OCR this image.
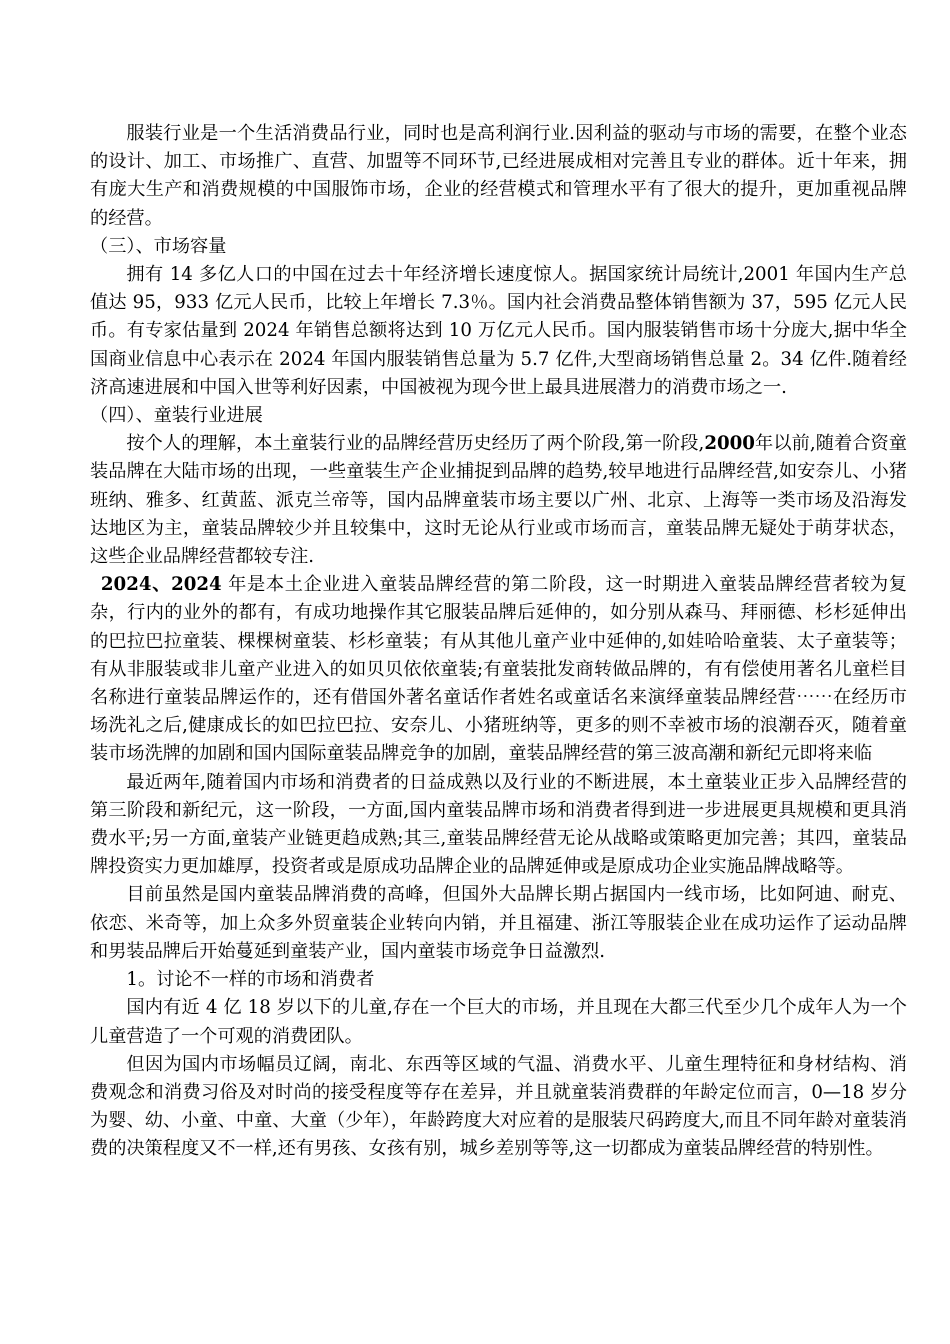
服装行业是一个生活消费品行业，同时也是高利润行业.因利益的驱动与市场的需要，在整个业态的设计、加工、市场推广、直营、加盟等不同环节,已经进展成相对完善且专业的群体。近十年来，拥有庞大生产和消费规模的中国服饰市场，企业的经营模式和管理水平有了很大的提升，更加重视品牌的经营。

（三）、市场容量

拥有 14 多亿人口的中国在过去十年经济增长速度惊人。据国家统计局统计,2001 年国内生产总值达 95，933 亿元人民币，比较上年增长 7.3％。国内社会消费品整体销售额为 37，595 亿元人民币。有专家估量到 2024 年销售总额将达到 10 万亿元人民币。国内服装销售市场十分庞大,据中华全国商业信息中心表示在 2024 年国内服装销售总量为 5.7 亿件,大型商场销售总量 2。34 亿件.随着经济高速进展和中国入世等利好因素，中国被视为现今世上最具进展潜力的消费市场之一.

（四）、童装行业进展

按个人的理解，本土童装行业的品牌经营历史经历了两个阶段,第一阶段,2000年以前,随着合资童装品牌在大陆市场的出现，一些童装生产企业捕捉到品牌的趋势,较早地进行品牌经营,如安奈儿、小猪班纳、雅多、红黄蓝、派克兰帝等，国内品牌童装市场主要以广州、北京、上海等一类市场及沿海发达地区为主，童装品牌较少并且较集中，这时无论从行业或市场而言，童装品牌无疑处于萌芽状态，这些企业品牌经营都较专注.

2024、2024 年是本土企业进入童装品牌经营的第二阶段，这一时期进入童装品牌经营者较为复杂，行内的业外的都有，有成功地操作其它服装品牌后延伸的，如分别从森马、拜丽德、杉杉延伸出的巴拉巴拉童装、棵棵树童装、杉杉童装；有从其他儿童产业中延伸的,如娃哈哈童装、太子童装等；有从非服装或非儿童产业进入的如贝贝依依童装;有童装批发商转做品牌的，有有偿使用著名儿童栏目名称进行童装品牌运作的，还有借国外著名童话作者姓名或童话名来演绎童装品牌经营⋯⋯在经历市场洗礼之后,健康成长的如巴拉巴拉、安奈儿、小猪班纳等，更多的则不幸被市场的浪潮吞灭，随着童装市场洗牌的加剧和国内国际童装品牌竞争的加剧，童装品牌经营的第三波高潮和新纪元即将来临

最近两年,随着国内市场和消费者的日益成熟以及行业的不断进展，本土童装业正步入品牌经营的第三阶段和新纪元，这一阶段，一方面,国内童装品牌市场和消费者得到进一步进展更具规模和更具消费水平;另一方面,童装产业链更趋成熟;其三,童装品牌经营无论从战略或策略更加完善；其四，童装品牌投资实力更加雄厚，投资者或是原成功品牌企业的品牌延伸或是原成功企业实施品牌战略等。

目前虽然是国内童装品牌消费的高峰，但国外大品牌长期占据国内一线市场，比如阿迪、耐克、依恋、米奇等，加上众多外贸童装企业转向内销，并且福建、浙江等服装企业在成功运作了运动品牌和男装品牌后开始蔓延到童装产业，国内童装市场竞争日益激烈.

1。讨论不一样的市场和消费者

国内有近 4 亿 18 岁以下的儿童,存在一个巨大的市场，并且现在大都三代至少几个成年人为一个儿童营造了一个可观的消费团队。

但因为国内市场幅员辽阔，南北、东西等区域的气温、消费水平、儿童生理特征和身材结构、消费观念和消费习俗及对时尚的接受程度等存在差异，并且就童装消费群的年龄定位而言，0—18 岁分为婴、幼、小童、中童、大童（少年），年龄跨度大对应着的是服装尺码跨度大,而且不同年龄对童装消费的决策程度又不一样,还有男孩、女孩有别，城乡差别等等,这一切都成为童装品牌经营的特别性。
